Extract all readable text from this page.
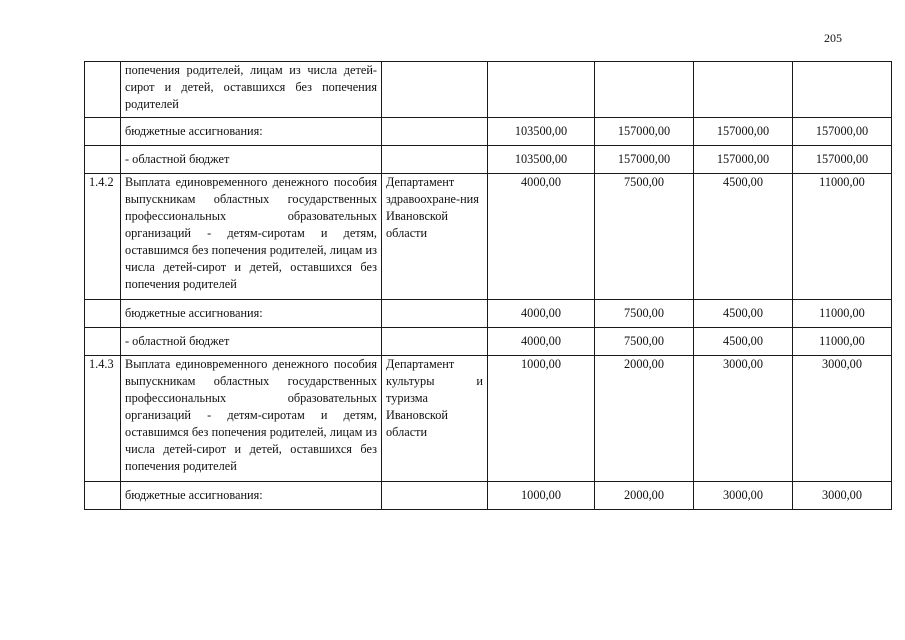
205
	попечения родителей, лицам из числа детей-сирот и детей, оставшихся без попечения родителей					
	бюджетные ассигнования:		103500,00	157000,00	157000,00	157000,00
	- областной бюджет		103500,00	157000,00	157000,00	157000,00
1.4.2	Выплата единовременного денежного пособия выпускникам областных государственных профессиональных образовательных организаций - детям-сиротам и детям, оставшимся без попечения родителей, лицам из числа детей-сирот и детей, оставшихся без попечения родителей	Департамент здравоохране-ния Ивановской области	4000,00	7500,00	4500,00	11000,00
	бюджетные ассигнования:		4000,00	7500,00	4500,00	11000,00
	- областной бюджет		4000,00	7500,00	4500,00	11000,00
1.4.3	Выплата единовременного денежного пособия выпускникам областных государственных профессиональных образовательных организаций - детям-сиротам и детям, оставшимся без попечения родителей, лицам из числа детей-сирот и детей, оставшихся без попечения родителей	Департамент культуры и туризма Ивановской области	1000,00	2000,00	3000,00	3000,00
	бюджетные ассигнования:		1000,00	2000,00	3000,00	3000,00
